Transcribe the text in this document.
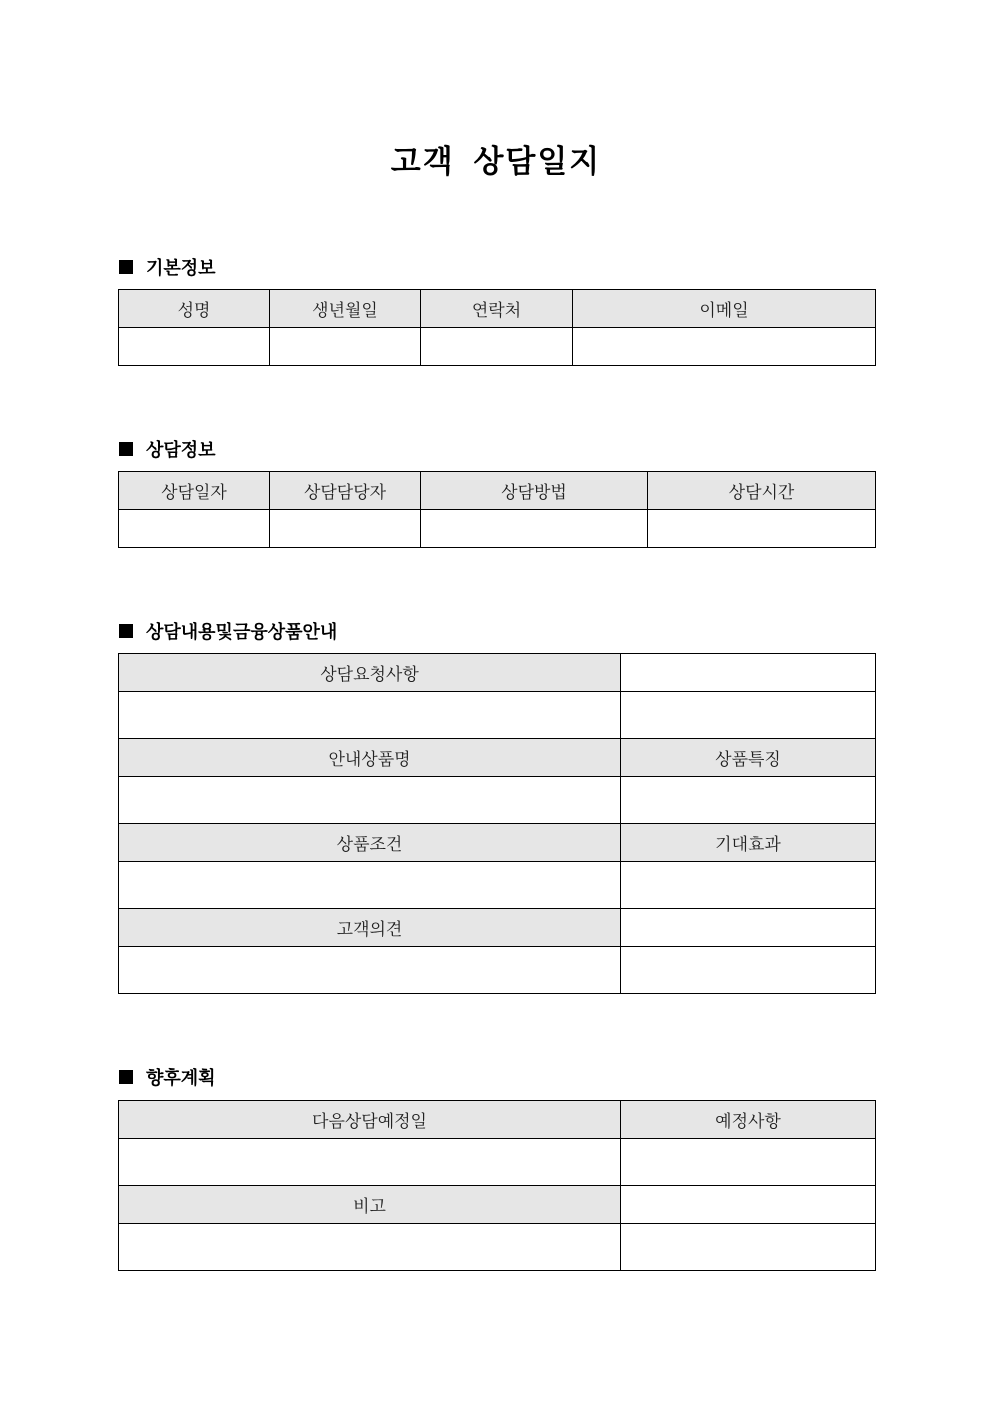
고객 상담일지
기본정보
성명	생년월일	연락처	이메일

상담정보
상담일자	상담담당자	상담방법	상담시간

상담내용및금융상품안내
상담요청사항	

안내상품명	상품특징

상품조건	기대효과

고객의견	

향후계획
다음상담예정일	예정사항

비고	
